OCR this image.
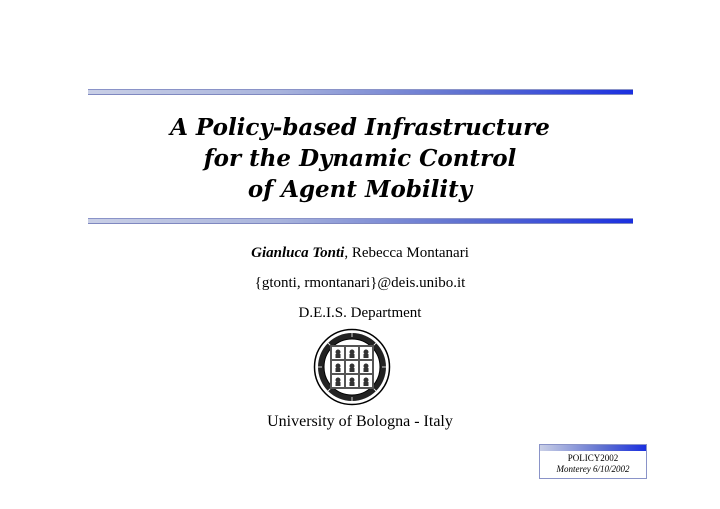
A Policy-based Infrastructure
for the Dynamic Control
of Agent Mobility
Gianluca Tonti, Rebecca Montanari
{gtonti, rmontanari}@deis.unibo.it
D.E.I.S. Department
University of Bologna - Italy
POLICY2002
Monterey 6/10/2002
